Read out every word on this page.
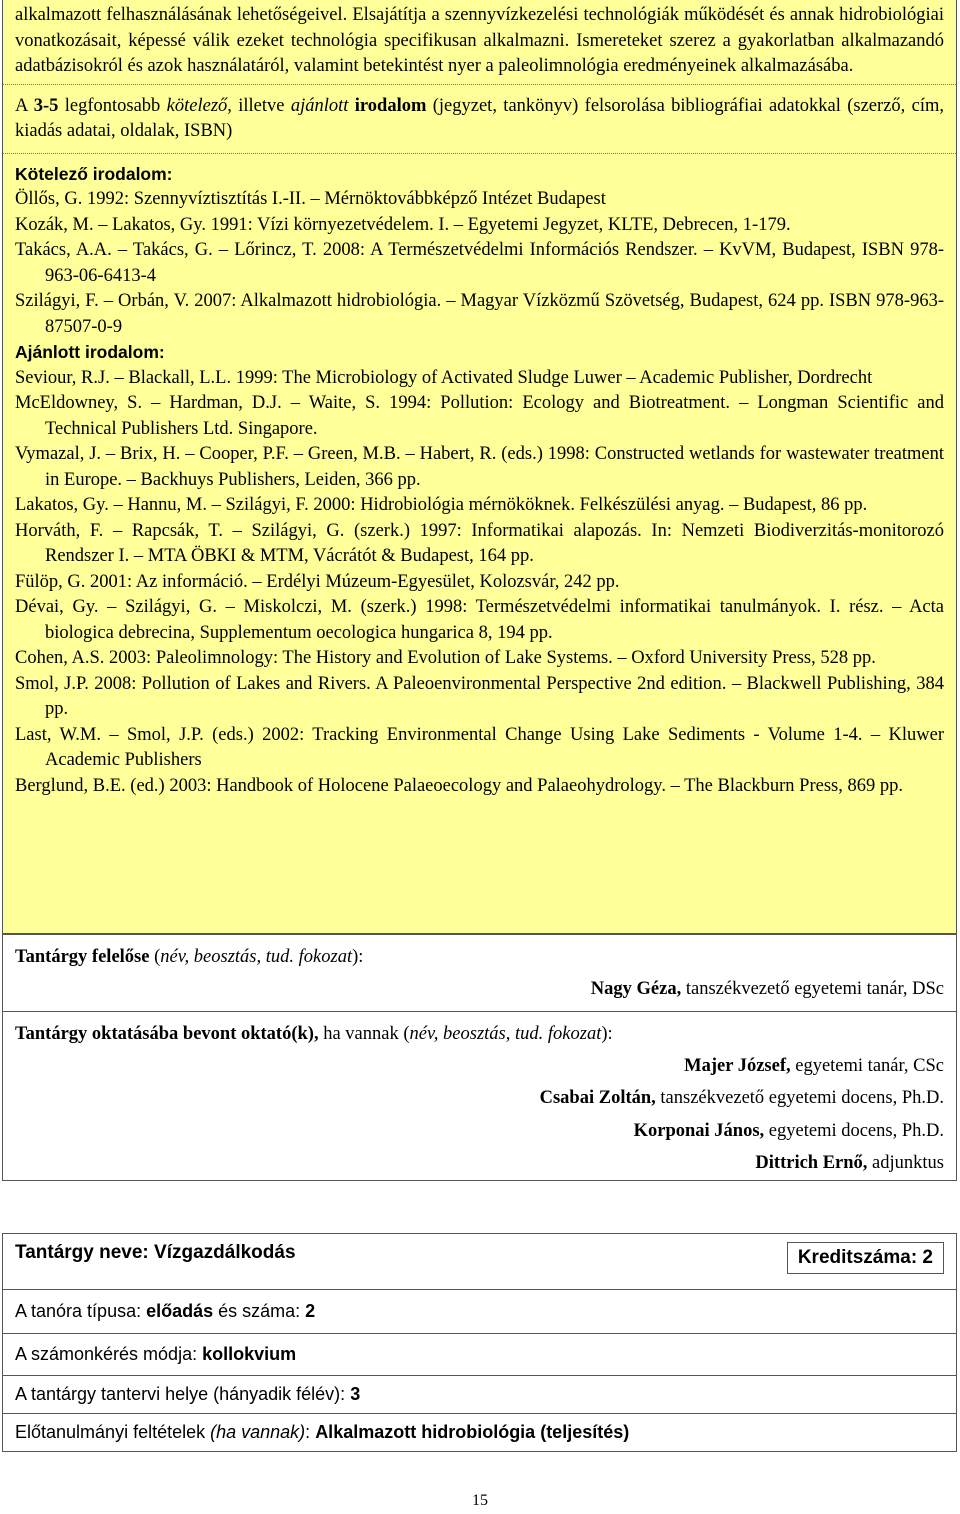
alkalmazott felhasználásának lehetőségeivel. Elsajátítja a szennyvízkezelési technológiák működését és annak hidrobiológiai vonatkozásait, képessé válik ezeket technológia specifikusan alkalmazni. Ismereteket szerez a gyakorlatban alkalmazandó adatbázisokról és azok használatáról, valamint betekintést nyer a paleolimnológia eredményeinek alkalmazásába.

A 3-5 legfontosabb kötelező, illetve ajánlott irodalom (jegyzet, tankönyv) felsorolása bibliográfiai adatokkal (szerző, cím, kiadás adatai, oldalak, ISBN)

Kötelező irodalom:

Öllős, G. 1992: Szennyvíztisztítás I.-II. – Mérnöktovábbképző Intézet Budapest

Kozák, M. – Lakatos, Gy. 1991: Vízi környezetvédelem. I. – Egyetemi Jegyzet, KLTE, Debrecen, 1-179.

Takács, A.A. – Takács, G. – Lőrincz, T. 2008: A Természetvédelmi Információs Rendszer. – KvVM, Budapest, ISBN 978-963-06-6413-4

Szilágyi, F. – Orbán, V. 2007: Alkalmazott hidrobiológia. – Magyar Vízközmű Szövetség, Budapest, 624 pp. ISBN 978-963-87507-0-9

Ajánlott irodalom:

Seviour, R.J. – Blackall, L.L. 1999: The Microbiology of Activated Sludge Luwer – Academic Publisher, Dordrecht

McEldowney, S. – Hardman, D.J. – Waite, S. 1994: Pollution: Ecology and Biotreatment. – Longman Scientific and Technical Publishers Ltd. Singapore.

Vymazal, J. – Brix, H. – Cooper, P.F. – Green, M.B. – Habert, R. (eds.) 1998: Constructed wetlands for wastewater treatment in Europe. – Backhuys Publishers, Leiden, 366 pp.

Lakatos, Gy. – Hannu, M. – Szilágyi, F. 2000: Hidrobiológia mérnököknek. Felkészülési anyag. – Budapest, 86 pp.

Horváth, F. – Rapcsák, T. – Szilágyi, G. (szerk.) 1997: Informatikai alapozás. In: Nemzeti Biodiverzitás-monitorozó Rendszer I. – MTA ÖBKI & MTM, Vácrátót & Budapest, 164 pp.

Fülöp, G. 2001: Az információ. – Erdélyi Múzeum-Egyesület, Kolozsvár, 242 pp.

Dévai, Gy. – Szilágyi, G. – Miskolczi, M. (szerk.) 1998: Természetvédelmi informatikai tanulmányok. I. rész. – Acta biologica debrecina, Supplementum oecologica hungarica 8, 194 pp.

Cohen, A.S. 2003: Paleolimnology: The History and Evolution of Lake Systems. – Oxford University Press, 528 pp.

Smol, J.P. 2008: Pollution of Lakes and Rivers. A Paleoenvironmental Perspective 2nd edition. – Blackwell Publishing, 384 pp.

Last, W.M. – Smol, J.P. (eds.) 2002: Tracking Environmental Change Using Lake Sediments - Volume 1-4. – Kluwer Academic Publishers

Berglund, B.E. (ed.) 2003: Handbook of Holocene Palaeoecology and Palaeohydrology. – The Blackburn Press, 869 pp.

Tantárgy felelőse (név, beosztás, tud. fokozat):

Nagy Géza, tanszékvezető egyetemi tanár, DSc

Tantárgy oktatásába bevont oktató(k), ha vannak (név, beosztás, tud. fokozat):

Majer József, egyetemi tanár, CSc

Csabai Zoltán, tanszékvezető egyetemi docens, Ph.D.

Korponai János, egyetemi docens, Ph.D.

Dittrich Ernő, adjunktus

Tantárgy neve: Vízgazdálkodás	Kreditszáma: 2
A tanóra típusa: előadás és száma: 2
A számonkérés módja: kollokvium
A tantárgy tantervi helye (hányadik félév): 3
Előtanulmányi feltételek (ha vannak): Alkalmazott hidrobiológia (teljesítés)
15
